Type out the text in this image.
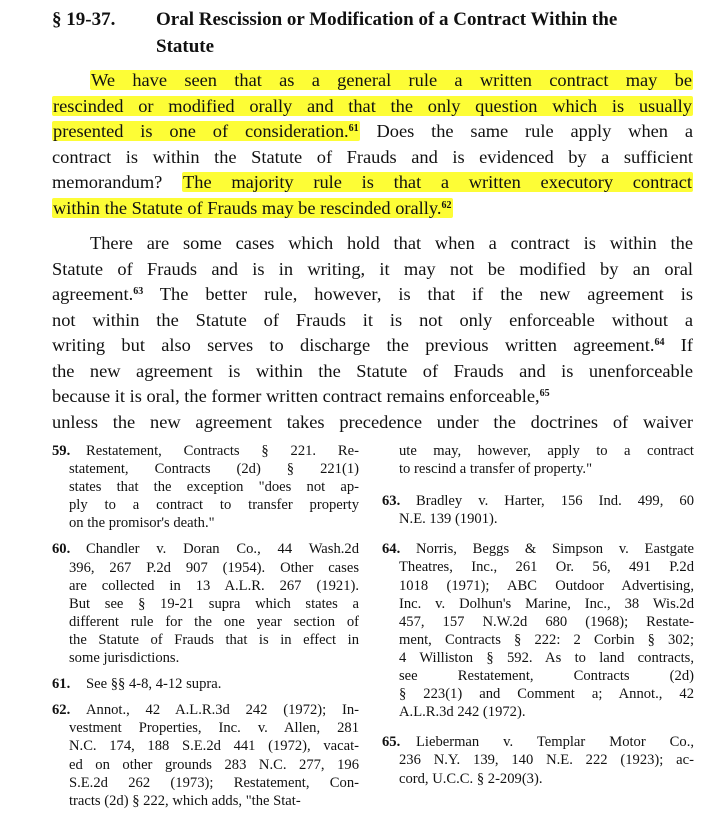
§ 19-37. Oral Rescission or Modification of a Contract Within the
Statute
We have seen that as a general rule a written contract may be
rescinded or modified orally and that the only question which is usually
presented is one of consideration.$^{61}$ Does the same rule apply when a
contract is within the Statute of Frauds and is evidenced by a sufficient
memorandum? The majority rule is that a written executory contract
within the Statute of Frauds may be rescinded orally.$^{62}$
There are some cases which hold that when a contract is within the
Statute of Frauds and is in writing, it may not be modified by an oral
agreement.$^{63}$ The better rule, however, is that if the new agreement is
not within the Statute of Frauds it is not only enforceable without a
writing but also serves to discharge the previous written agreement.$^{64}$ If
the new agreement is within the Statute of Frauds and is unenforceable
because it is oral, the former written contract remains enforceable,$^{65}$
unless the new agreement takes precedence under the doctrines of waiver
59.	Restatement, Contracts § 221. Re-
statement, Contracts (2d) § 221(1)
states that the exception "does not ap-
ply to a contract to transfer property
on the promisor's death."
60.	Chandler v. Doran Co., 44 Wash.2d
396, 267 P.2d 907 (1954). Other cases
are collected in 13 A.L.R. 267 (1921).
But see § 19-21 supra which states a
different rule for the one year section of
the Statute of Frauds that is in effect in
some jurisdictions.
61.	See §§ 4-8, 4-12 supra.
62.	Annot., 42 A.L.R.3d 242 (1972); In-
vestment Properties, Inc. v. Allen, 281
N.C. 174, 188 S.E.2d 441 (1972), vacat-
ed on other grounds 283 N.C. 277, 196
S.E.2d 262 (1973); Restatement, Con-
tracts (2d) § 222, which adds, "the Stat-
ute may, however, apply to a contract
to rescind a transfer of property."
63.	Bradley v. Harter, 156 Ind. 499, 60
N.E. 139 (1901).
64.	Norris, Beggs & Simpson v. Eastgate
Theatres, Inc., 261 Or. 56, 491 P.2d
1018 (1971); ABC Outdoor Advertising,
Inc. v. Dolhun's Marine, Inc., 38 Wis.2d
457, 157 N.W.2d 680 (1968); Restate-
ment, Contracts § 222: 2 Corbin § 302;
4 Williston § 592. As to land contracts,
see Restatement, Contracts (2d)
§ 223(1) and Comment a; Annot., 42
A.L.R.3d 242 (1972).
65.	Lieberman v. Templar Motor Co.,
236 N.Y. 139, 140 N.E. 222 (1923); ac-
cord, U.C.C. § 2-209(3).
